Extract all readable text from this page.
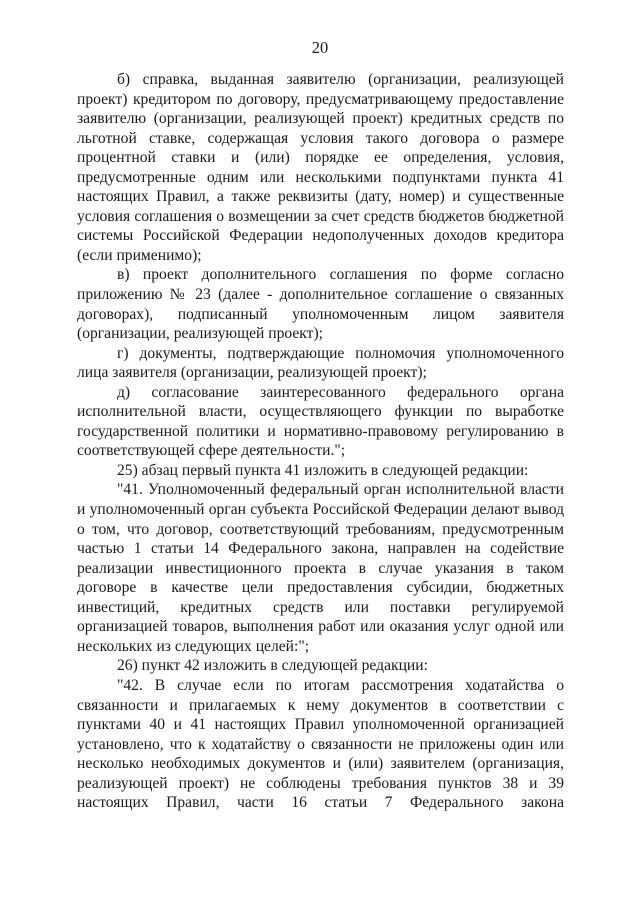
20

б) справка, выданная заявителю (организации, реализующей проект) кредитором по договору, предусматривающему предоставление заявителю (организации, реализующей проект) кредитных средств по льготной ставке, содержащая условия такого договора о размере процентной ставки и (или) порядке ее определения, условия, предусмотренные одним или несколькими подпунктами пункта 41 настоящих Правил, а также реквизиты (дату, номер) и существенные условия соглашения о возмещении за счет средств бюджетов бюджетной системы Российской Федерации недополученных доходов кредитора (если применимо);

в) проект дополнительного соглашения по форме согласно приложению № 23 (далее - дополнительное соглашение о связанных договорах), подписанный уполномоченным лицом заявителя (организации, реализующей проект);

г) документы, подтверждающие полномочия уполномоченного лица заявителя (организации, реализующей проект);

д) согласование заинтересованного федерального органа исполнительной власти, осуществляющего функции по выработке государственной политики и нормативно-правовому регулированию в соответствующей сфере деятельности.";

25) абзац первый пункта 41 изложить в следующей редакции:

"41. Уполномоченный федеральный орган исполнительной власти и уполномоченный орган субъекта Российской Федерации делают вывод о том, что договор, соответствующий требованиям, предусмотренным частью 1 статьи 14 Федерального закона, направлен на содействие реализации инвестиционного проекта в случае указания в таком договоре в качестве цели предоставления субсидии, бюджетных инвестиций, кредитных средств или поставки регулируемой организацией товаров, выполнения работ или оказания услуг одной или нескольких из следующих целей:";

26) пункт 42 изложить в следующей редакции:

"42. В случае если по итогам рассмотрения ходатайства о связанности и прилагаемых к нему документов в соответствии с пунктами 40 и 41 настоящих Правил уполномоченной организацией установлено, что к ходатайству о связанности не приложены один или несколько необходимых документов и (или) заявителем (организация, реализующей проект) не соблюдены требования пунктов 38 и 39 настоящих Правил, части 16 статьи 7 Федерального закона
